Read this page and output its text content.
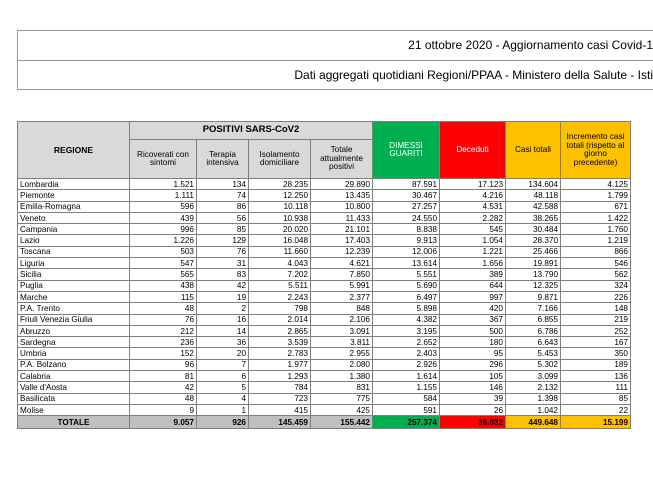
21 ottobre 2020 - Aggiornamento casi Covid-1
Dati aggregati quotidiani Regioni/PPAA - Ministero della Salute - Isti
REGIONE	POSITIVI SARS-CoV2				DIMESSI GUARITI	Deceduti	Casi totali	Incremento casi totali (rispetto al giorno precedente)
	Ricoverati con sintomi	Terapia intensiva	Isolamento domiciliare	Totale attualmente positivi				
Lombardia	1.521	134	28.235	29.890	87.591	17.123	134.604	4.125
Piemonte	1.111	74	12.250	13.435	30.467	4.216	48.118	1.799
Emilia-Romagna	596	86	10.118	10.800	27.257	4.531	42.588	671
Veneto	439	56	10.938	11.433	24.550	2.282	38.265	1.422
Campania	996	85	20.020	21.101	8.838	545	30.484	1.760
Lazio	1.226	129	16.048	17.403	9.913	1.054	28.370	1.219
Toscana	503	76	11.660	12.239	12.006	1.221	25.466	866
Liguria	547	31	4.043	4.621	13.614	1.656	19.891	546
Sicilia	565	83	7.202	7.850	5.551	389	13.790	562
Puglia	438	42	5.511	5.991	5.690	644	12.325	324
Marche	115	19	2.243	2.377	6.497	997	9.871	226
P.A. Trento	48	2	798	848	5.898	420	7.166	148
Friuli Venezia Giulia	76	16	2.014	2.106	4.382	367	6.855	219
Abruzzo	212	14	2.865	3.091	3.195	500	6.786	252
Sardegna	236	36	3.539	3.811	2.652	180	6.643	167
Umbria	152	20	2.783	2.955	2.403	95	5.453	350
P.A. Bolzano	96	7	1.977	2.080	2.926	296	5.302	189
Calabria	81	6	1.293	1.380	1.614	105	3.099	136
Valle d'Aosta	42	5	784	831	1.155	146	2.132	111
Basilicata	48	4	723	775	584	39	1.398	85
Molise	9	1	415	425	591	26	1.042	22
TOTALE	9.057	926	145.459	155.442	257.374	36.832	449.648	15.199
